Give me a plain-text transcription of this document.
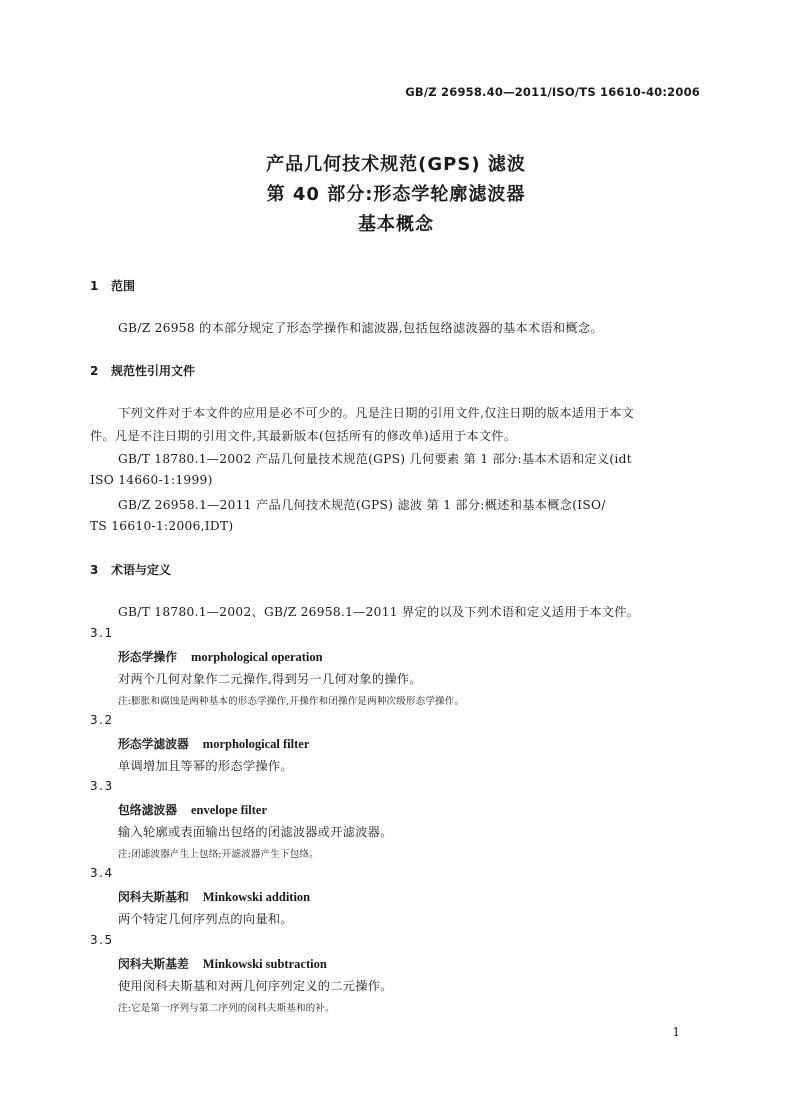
GB/Z 26958.40—2011/ISO/TS 16610-40:2006
产品几何技术规范(GPS) 滤波
第 40 部分:形态学轮廓滤波器
基本概念
1 范围
GB/Z 26958 的本部分规定了形态学操作和滤波器,包括包络滤波器的基本术语和概念。
2 规范性引用文件
下列文件对于本文件的应用是必不可少的。凡是注日期的引用文件,仅注日期的版本适用于本文
件。凡是不注日期的引用文件,其最新版本(包括所有的修改单)适用于本文件。
GB/T 18780.1—2002 产品几何量技术规范(GPS) 几何要素 第 1 部分:基本术语和定义(idt
ISO 14660-1:1999)
GB/Z 26958.1—2011 产品几何技术规范(GPS) 滤波 第 1 部分:概述和基本概念(ISO/
TS 16610-1:2006,IDT)
3 术语与定义
GB/T 18780.1—2002、GB/Z 26958.1—2011 界定的以及下列术语和定义适用于本文件。
3.1
形态学操作 morphological operation
对两个几何对象作二元操作,得到另一几何对象的操作。
注:膨胀和腐蚀是两种基本的形态学操作,开操作和闭操作是两种次级形态学操作。
3.2
形态学滤波器 morphological filter
单调增加且等幂的形态学操作。
3.3
包络滤波器 envelope filter
输入轮廓或表面输出包络的闭滤波器或开滤波器。
注:闭滤波器产生上包络;开滤波器产生下包络。
3.4
闵科夫斯基和 Minkowski addition
两个特定几何序列点的向量和。
3.5
闵科夫斯基差 Minkowski subtraction
使用闵科夫斯基和对两几何序列定义的二元操作。
注:它是第一序列与第二序列的闵科夫斯基和的补。
1
